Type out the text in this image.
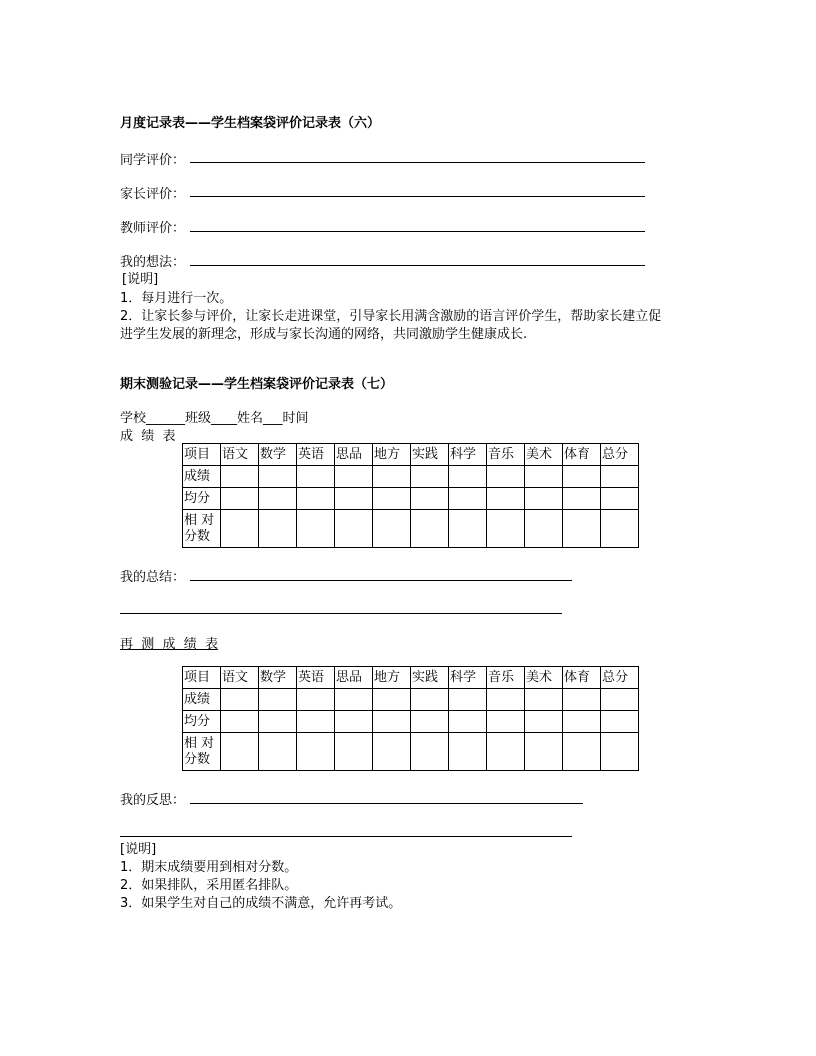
月度记录表——学生档案袋评价记录表（六）
同学评价：
家长评价：
教师评价：
我的想法：
[说明]
1．每月进行一次。
2．让家长参与评价，让家长走进课堂，引导家长用满含激励的语言评价学生，帮助家长建立促
进学生发展的新理念，形成与家长沟通的网络，共同激励学生健康成长.
期末测验记录——学生档案袋评价记录表（七）
学校______班级____姓名___时间
成  绩  表
项目	语文	数学	英语	思品	地方	实践	科学	音乐	美术	体育	总分
成绩											
均分											
相 对分数											
我的总结：
再  测  成  绩  表
项目	语文	数学	英语	思品	地方	实践	科学	音乐	美术	体育	总分
成绩											
均分											
相 对分数											
我的反思：
[说明]
1．期末成绩要用到相对分数。
2．如果排队，采用匿名排队。
3．如果学生对自己的成绩不满意，允许再考试。
